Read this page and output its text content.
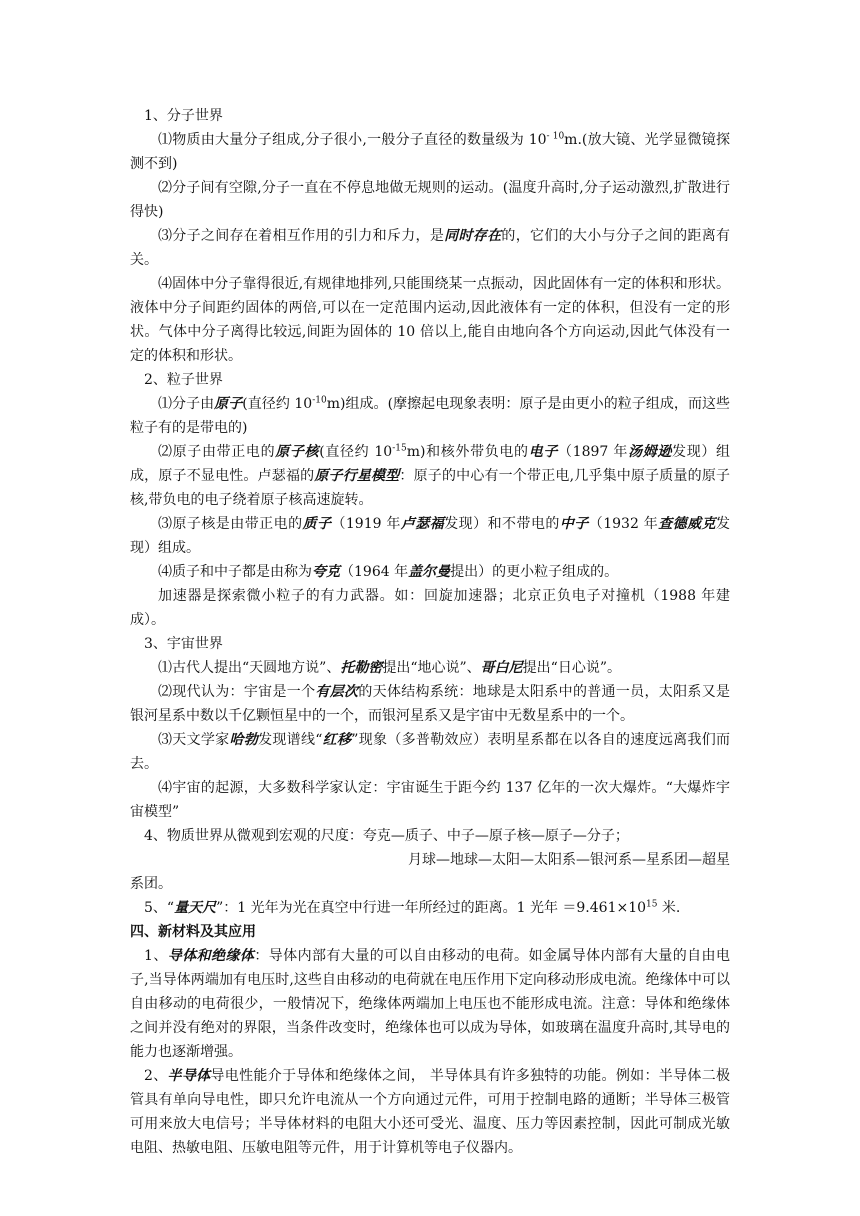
1、分子世界

⑴物质由大量分子组成,分子很小,一般分子直径的数量级为 $10^{- 10}m$.(放大镜、光学显微镜探测不到)

⑵分子间有空隙,分子一直在不停息地做无规则的运动。(温度升高时,分子运动激烈,扩散进行得快)

⑶分子之间存在着相互作用的引力和斥力，是同时存在的，它们的大小与分子之间的距离有关。

⑷固体中分子靠得很近,有规律地排列,只能围绕某一点振动，因此固体有一定的体积和形状。液体中分子间距约固体的两倍,可以在一定范围内运动,因此液体有一定的体积，但没有一定的形状。气体中分子离得比较远,间距为固体的 10 倍以上,能自由地向各个方向运动,因此气体没有一定的体积和形状。

2、粒子世界

⑴分子由原子(直径约 $10^{-10}m$)组成。(摩擦起电现象表明：原子是由更小的粒子组成，而这些粒子有的是带电的)

⑵原子由带正电的原子核(直径约 $10^{-15}m$)和核外带负电的电子（1897 年汤姆逊发现）组成，原子不显电性。卢瑟福的原子行星模型：原子的中心有一个带正电,几乎集中原子质量的原子核,带负电的电子绕着原子核高速旋转。

⑶原子核是由带正电的质子（1919 年卢瑟福发现）和不带电的中子（1932 年查德威克发现）组成。

⑷质子和中子都是由称为夸克（1964 年盖尔曼提出）的更小粒子组成的。

加速器是探索微小粒子的有力武器。如：回旋加速器；北京正负电子对撞机（1988 年建成）。

3、宇宙世界

⑴古代人提出“天圆地方说”、托勒密提出“地心说”、哥白尼提出“日心说”。

⑵现代认为：宇宙是一个有层次的天体结构系统：地球是太阳系中的普通一员，太阳系又是银河星系中数以千亿颗恒星中的一个，而银河星系又是宇宙中无数星系中的一个。

⑶天文学家哈勃发现谱线“红移”现象（多普勒效应）表明星系都在以各自的速度远离我们而去。

⑷宇宙的起源，大多数科学家认定：宇宙诞生于距今约 137 亿年的一次大爆炸。“大爆炸宇宙模型”

4、物质世界从微观到宏观的尺度：夸克—质子、中子—原子核—原子—分子；

月球—地球—太阳—太阳系—银河系—星系团—超星

系团。

5、“量天尺”：1 光年为光在真空中行进一年所经过的距离。1 光年 $=9.461\times 10^{15}$ 米.

四、新材料及其应用

1、导体和绝缘体：导体内部有大量的可以自由移动的电荷。如金属导体内部有大量的自由电子,当导体两端加有电压时,这些自由移动的电荷就在电压作用下定向移动形成电流。绝缘体中可以自由移动的电荷很少，一般情况下，绝缘体两端加上电压也不能形成电流。注意：导体和绝缘体之间并没有绝对的界限，当条件改变时，绝缘体也可以成为导体，如玻璃在温度升高时,其导电的能力也逐渐增强。

2、半导体导电性能介于导体和绝缘体之间， 半导体具有许多独特的功能。例如：半导体二极管具有单向导电性，即只允许电流从一个方向通过元件，可用于控制电路的通断；半导体三极管可用来放大电信号；半导体材料的电阻大小还可受光、温度、压力等因素控制，因此可制成光敏电阻、热敏电阻、压敏电阻等元件，用于计算机等电子仪器内。
